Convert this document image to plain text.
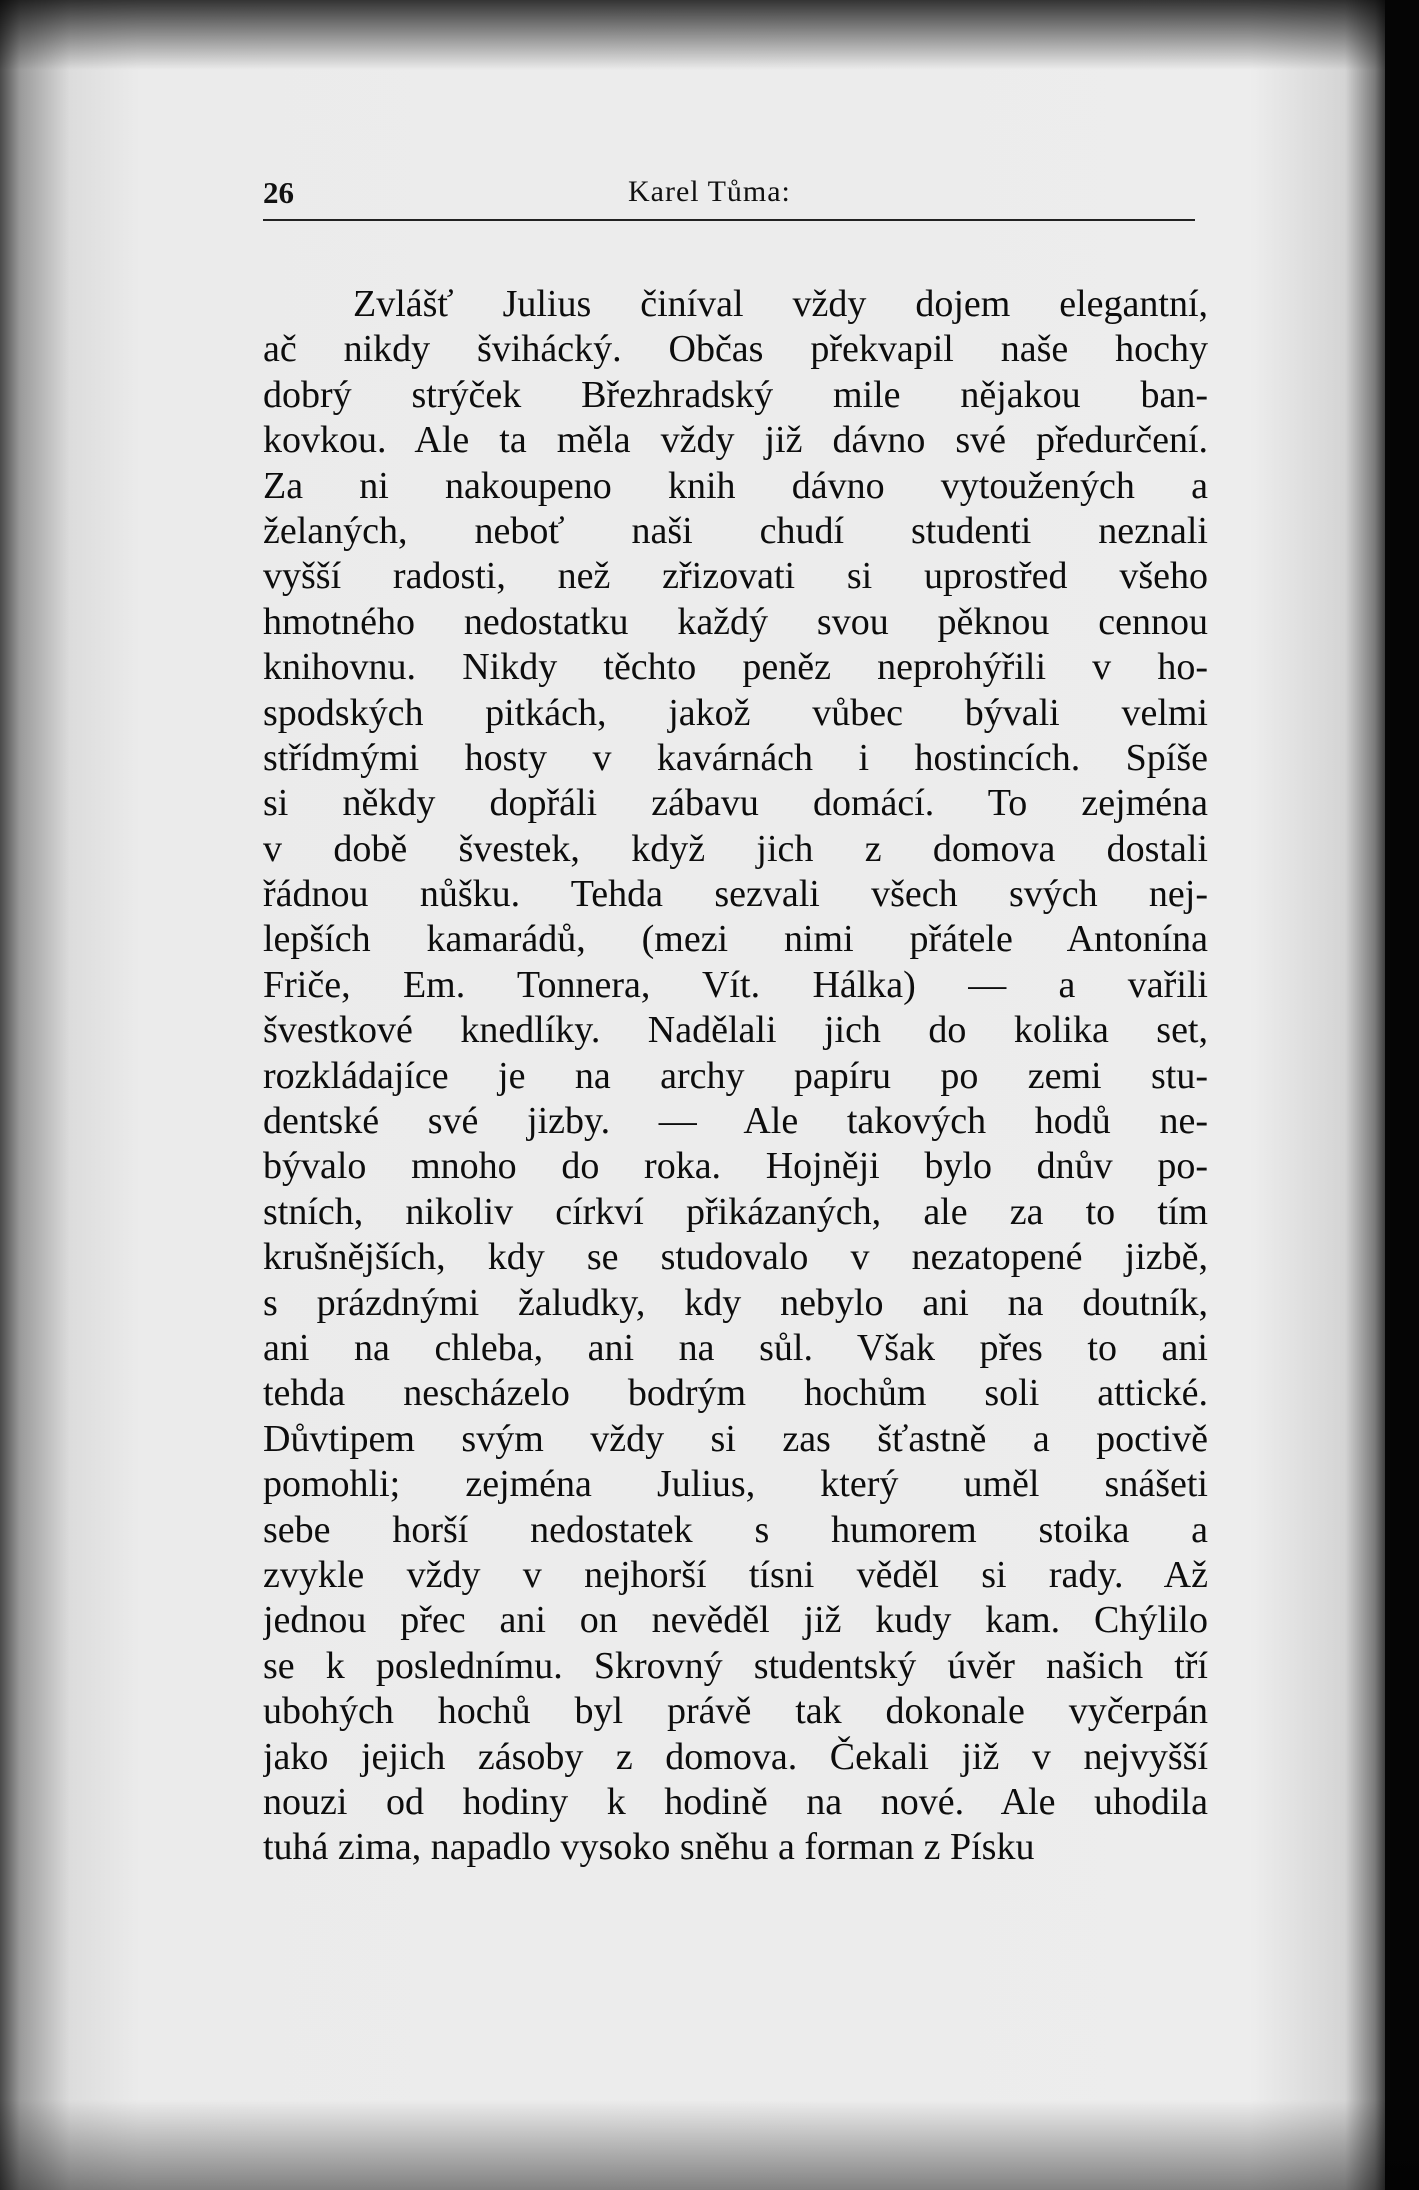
26	Karel Tůma:
Zvlášť Julius činíval vždy dojem elegantní,
ač nikdy švihácký. Občas překvapil naše hochy
dobrý strýček Březhradský mile nějakou ban-
kovkou. Ale ta měla vždy již dávno své předurčení.
Za ni nakoupeno knih dávno vytoužených a
želaných, neboť naši chudí studenti neznali
vyšší radosti, než zřizovati si uprostřed všeho
hmotného nedostatku každý svou pěknou cennou
knihovnu. Nikdy těchto peněz neprohýřili v ho-
spodských pitkách, jakož vůbec bývali velmi
střídmými hosty v kavárnách i hostincích. Spíše
si někdy dopřáli zábavu domácí. To zejména
v době švestek, když jich z domova dostali
řádnou nůšku. Tehda sezvali všech svých nej-
lepších kamarádů, (mezi nimi přátele Antonína
Friče, Em. Tonnera, Vít. Hálka) — a vařili
švestkové knedlíky. Nadělali jich do kolika set,
rozkládajíce je na archy papíru po zemi stu-
dentské své jizby. — Ale takových hodů ne-
bývalo mnoho do roka. Hojněji bylo dnův po-
stních, nikoliv církví přikázaných, ale za to tím
krušnějších, kdy se studovalo v nezatopené jizbě,
s prázdnými žaludky, kdy nebylo ani na doutník,
ani na chleba, ani na sůl. Však přes to ani
tehda nescházelo bodrým hochům soli attické.
Důvtipem svým vždy si zas šťastně a poctivě
pomohli; zejména Julius, který uměl snášeti
sebe horší nedostatek s humorem stoika a
zvykle vždy v nejhorší tísni věděl si rady. Až
jednou přec ani on nevěděl již kudy kam. Chýlilo
se k poslednímu. Skrovný studentský úvěr našich tří
ubohých hochů byl právě tak dokonale vyčerpán
jako jejich zásoby z domova. Čekali již v nejvyšší
nouzi od hodiny k hodině na nové. Ale uhodila
tuhá zima, napadlo vysoko sněhu a forman z Písku
